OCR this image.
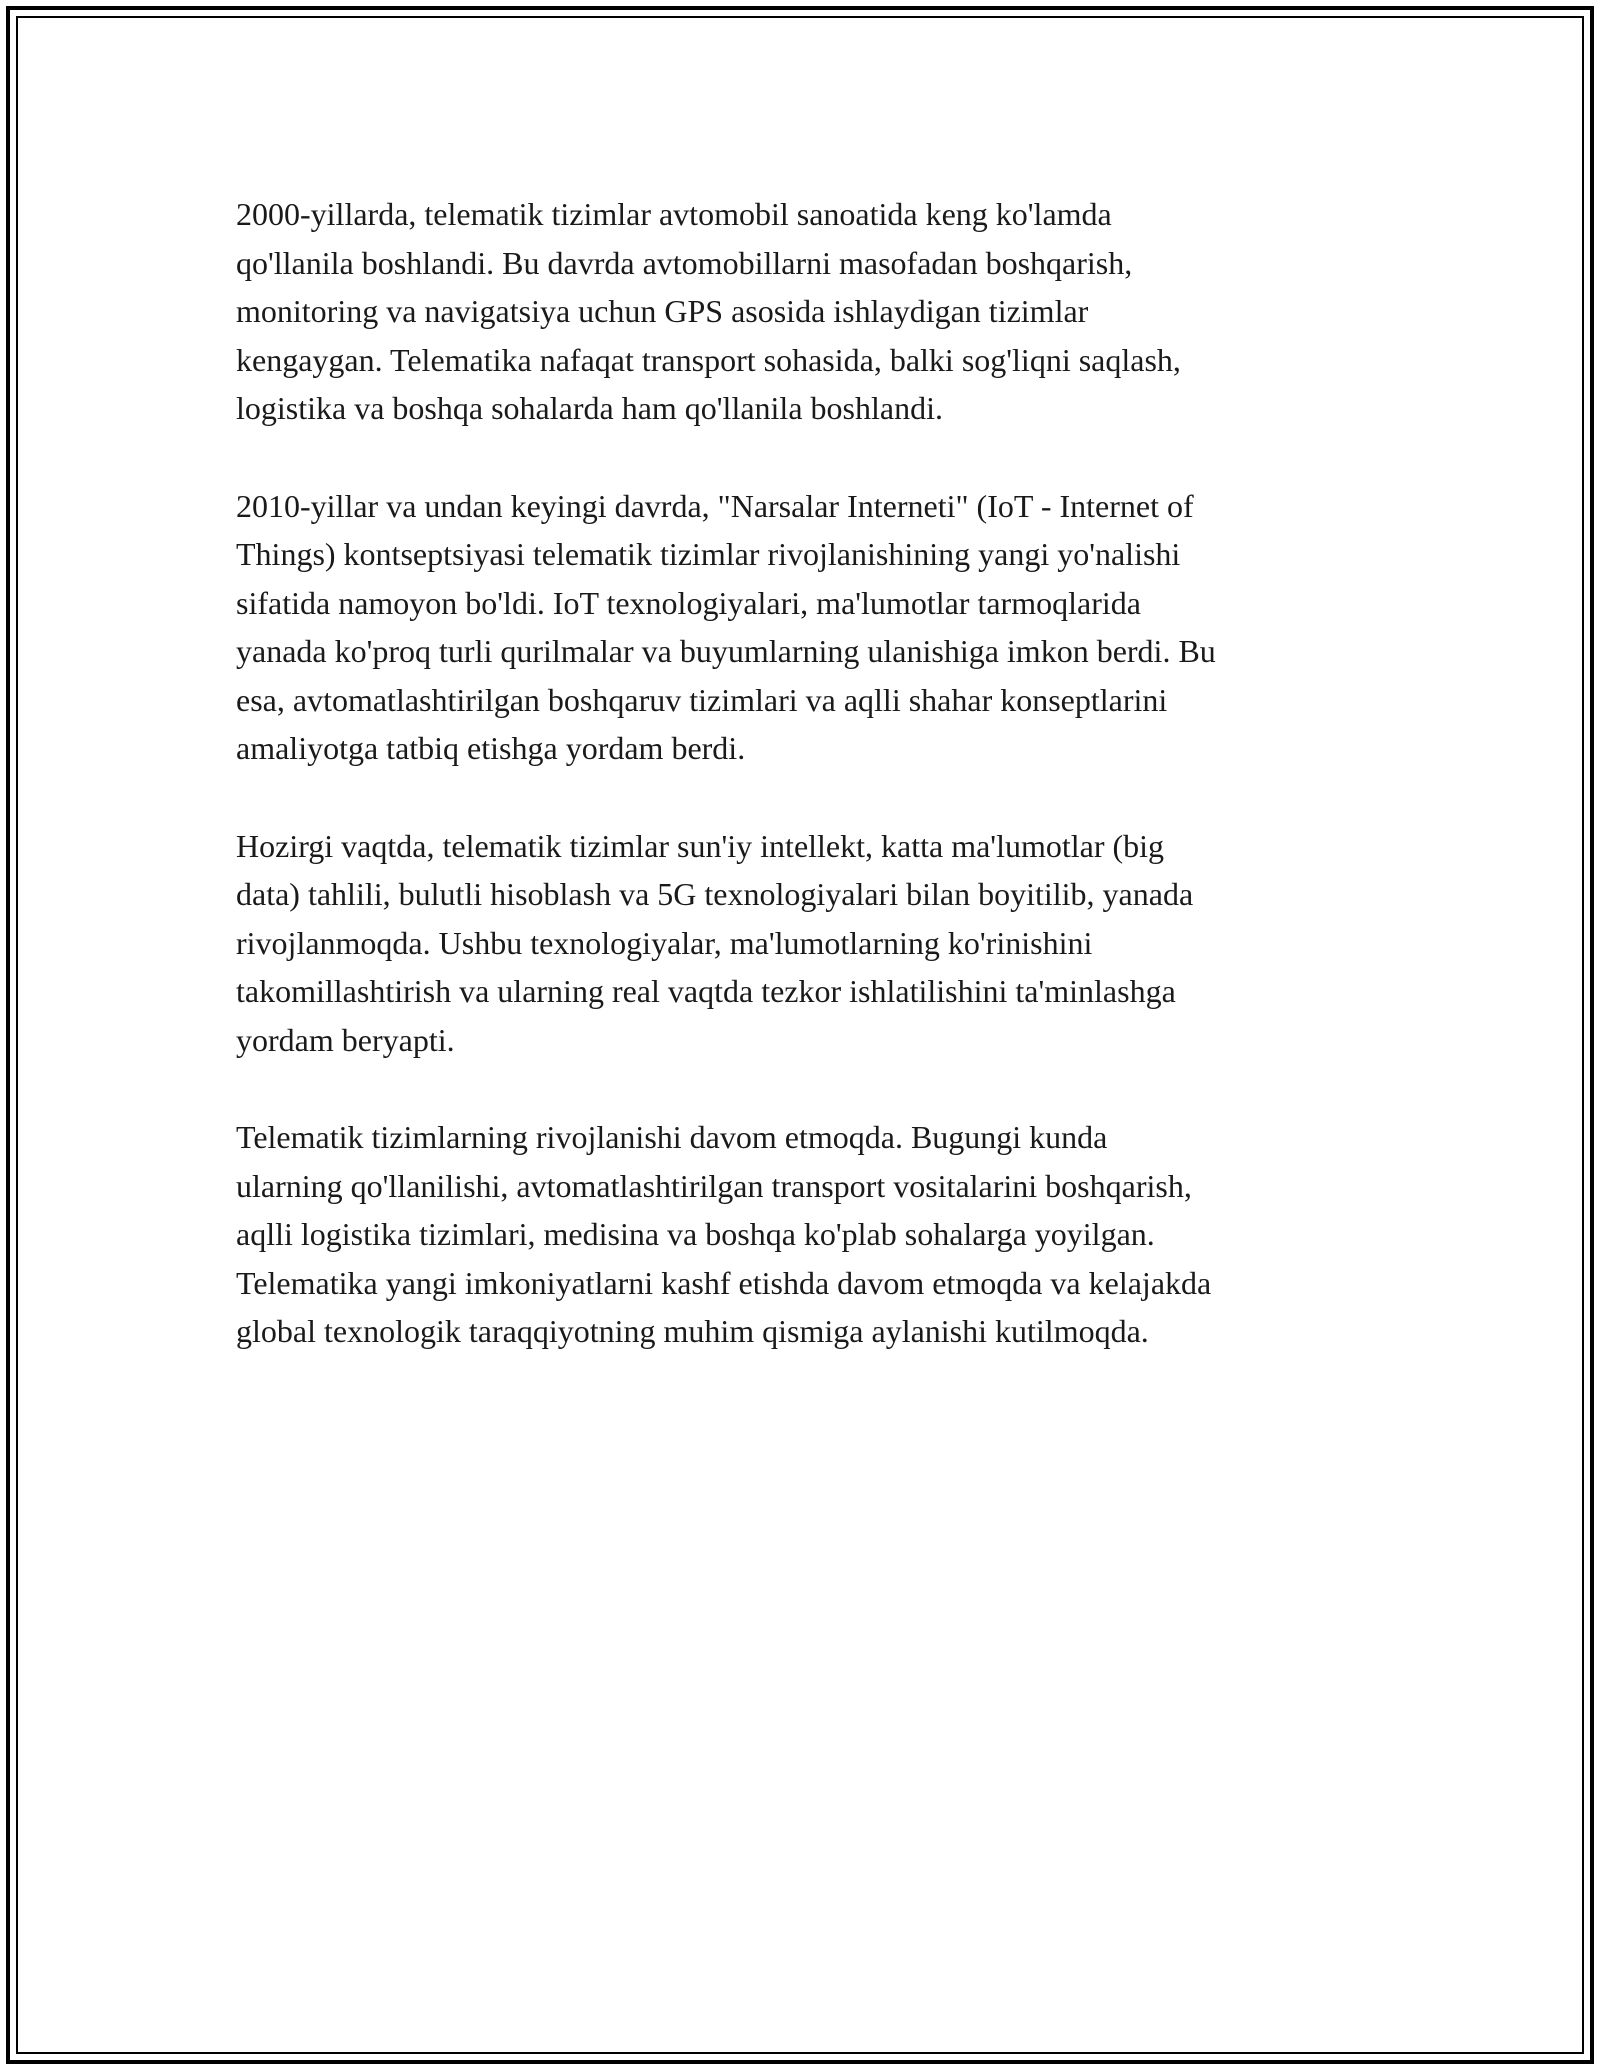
2000-yillarda, telematik tizimlar avtomobil sanoatida keng ko'lamda
qo'llanila boshlandi. Bu davrda avtomobillarni masofadan boshqarish,
monitoring va navigatsiya uchun GPS asosida ishlaydigan tizimlar
kengaygan. Telematika nafaqat transport sohasida, balki sog'liqni saqlash,
logistika va boshqa sohalarda ham qo'llanila boshlandi.

2010-yillar va undan keyingi davrda, "Narsalar Interneti" (IoT - Internet of
Things) kontseptsiyasi telematik tizimlar rivojlanishining yangi yo'nalishi
sifatida namoyon bo'ldi. IoT texnologiyalari, ma'lumotlar tarmoqlarida
yanada ko'proq turli qurilmalar va buyumlarning ulanishiga imkon berdi. Bu
esa, avtomatlashtirilgan boshqaruv tizimlari va aqlli shahar konseptlarini
amaliyotga tatbiq etishga yordam berdi.

Hozirgi vaqtda, telematik tizimlar sun'iy intellekt, katta ma'lumotlar (big
data) tahlili, bulutli hisoblash va 5G texnologiyalari bilan boyitilib, yanada
rivojlanmoqda. Ushbu texnologiyalar, ma'lumotlarning ko'rinishini
takomillashtirish va ularning real vaqtda tezkor ishlatilishini ta'minlashga
yordam beryapti.

Telematik tizimlarning rivojlanishi davom etmoqda. Bugungi kunda
ularning qo'llanilishi, avtomatlashtirilgan transport vositalarini boshqarish,
aqlli logistika tizimlari, medisina va boshqa ko'plab sohalarga yoyilgan.
Telematika yangi imkoniyatlarni kashf etishda davom etmoqda va kelajakda
global texnologik taraqqiyotning muhim qismiga aylanishi kutilmoqda.
